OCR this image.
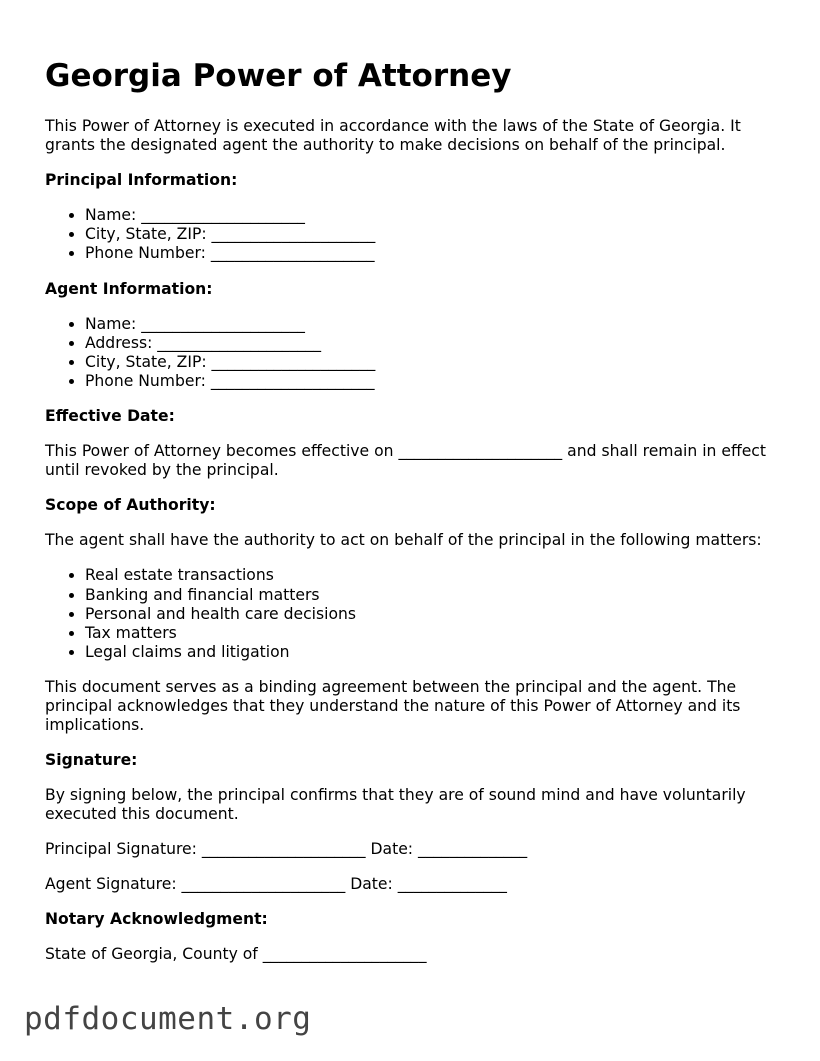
Georgia Power of Attorney

This Power of Attorney is executed in accordance with the laws of the State of Georgia. It grants the designated agent the authority to make decisions on behalf of the principal.

Principal Information:
• Name: _____________________
• City, State, ZIP: _____________________
• Phone Number: _____________________
Agent Information:
• Name: _____________________
• Address: _____________________
• City, State, ZIP: _____________________
• Phone Number: _____________________
Effective Date:

This Power of Attorney becomes effective on _____________________ and shall remain in effect until revoked by the principal.

Scope of Authority:

The agent shall have the authority to act on behalf of the principal in the following matters:

• Real estate transactions
• Banking and financial matters
• Personal and health care decisions
• Tax matters
• Legal claims and litigation

This document serves as a binding agreement between the principal and the agent. The principal acknowledges that they understand the nature of this Power of Attorney and its implications.

Signature:

By signing below, the principal confirms that they are of sound mind and have voluntarily executed this document.

Principal Signature: _____________________ Date: ______________

Agent Signature: _____________________ Date: ______________

Notary Acknowledgment:

State of Georgia, County of _____________________

pdfdocument.org
